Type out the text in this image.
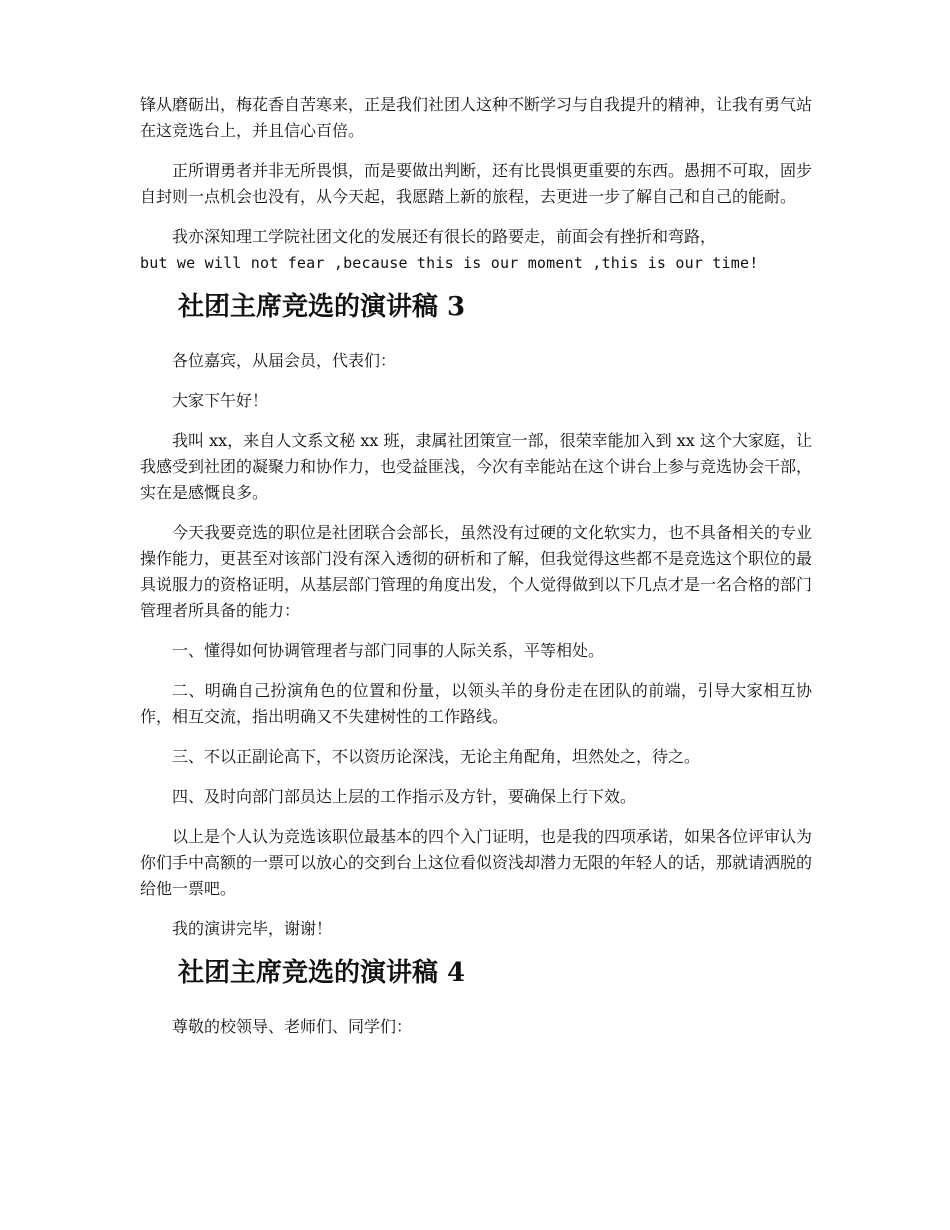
锋从磨砺出，梅花香自苦寒来，正是我们社团人这种不断学习与自我提升的精神，让我有勇气站在这竞选台上，并且信心百倍。

正所谓勇者并非无所畏惧，而是要做出判断，还有比畏惧更重要的东西。愚拥不可取，固步自封则一点机会也没有，从今天起，我愿踏上新的旅程，去更进一步了解自己和自己的能耐。

我亦深知理工学院社团文化的发展还有很长的路要走，前面会有挫折和弯路，
but we will not fear ,because this is our moment ,this is our time!

社团主席竞选的演讲稿 3

各位嘉宾，从届会员，代表们：

大家下午好！

我叫 xx，来自人文系文秘 xx 班，隶属社团策宣一部，很荣幸能加入到 xx 这个大家庭，让我感受到社团的凝聚力和协作力，也受益匪浅，今次有幸能站在这个讲台上参与竞选协会干部，实在是感慨良多。

今天我要竞选的职位是社团联合会部长，虽然没有过硬的文化软实力，也不具备相关的专业操作能力，更甚至对该部门没有深入透彻的研析和了解，但我觉得这些都不是竞选这个职位的最具说服力的资格证明，从基层部门管理的角度出发，个人觉得做到以下几点才是一名合格的部门管理者所具备的能力：

一、懂得如何协调管理者与部门同事的人际关系，平等相处。

二、明确自己扮演角色的位置和份量，以领头羊的身份走在团队的前端，引导大家相互协作，相互交流，指出明确又不失建树性的工作路线。

三、不以正副论高下，不以资历论深浅，无论主角配角，坦然处之，待之。

四、及时向部门部员达上层的工作指示及方针，要确保上行下效。

以上是个人认为竞选该职位最基本的四个入门证明，也是我的四项承诺，如果各位评审认为你们手中高额的一票可以放心的交到台上这位看似资浅却潜力无限的年轻人的话，那就请洒脱的给他一票吧。

我的演讲完毕，谢谢！

社团主席竞选的演讲稿 4

尊敬的校领导、老师们、同学们：
